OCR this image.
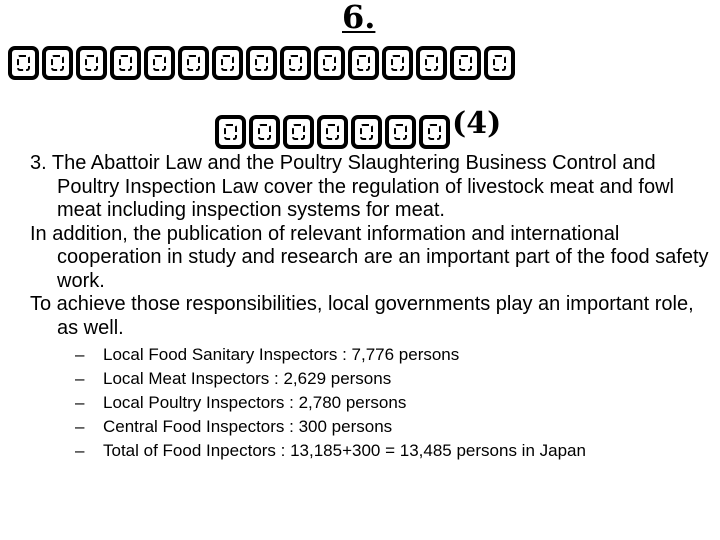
6.
(4)

3. The Abattoir Law and the Poultry Slaughtering Business Control and Poultry Inspection Law cover the regulation of livestock meat and fowl meat including inspection systems for meat.

In addition, the publication of relevant information and international cooperation in study and research are an important part of the food safety work.

To achieve those responsibilities, local governments play an important role, as well.

– Local Food Sanitary Inspectors : 7,776 persons
– Local Meat Inspectors : 2,629 persons
– Local Poultry Inspectors : 2,780 persons
– Central Food Inspectors : 300 persons
– Total of Food Inpectors : 13,185+300 = 13,485 persons in Japan
